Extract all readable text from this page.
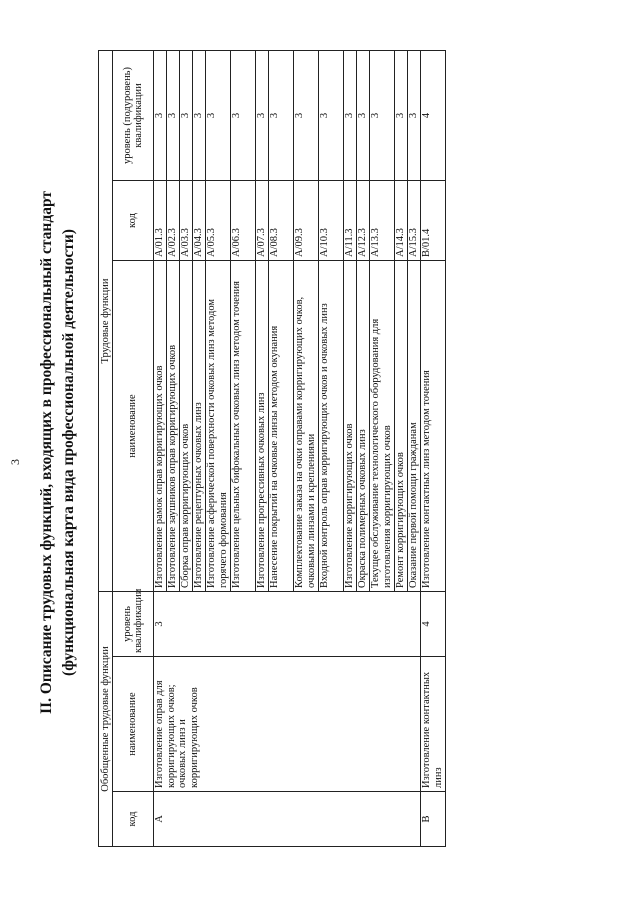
3 II. Описание трудовых функций, входящих в профессиональный стандарт (функциональная карта вида профессиональной деятельности)
Обобщенные трудовые функции			Трудовые функции		
код	наименование	уровень квалификации	наименование	код	уровень (подуровень) квалификации
A	Изготовление оправ для корригирующих очков; очковых линз и корригирующих очков	3	Изготовление рамок оправ корригирующих очков	A/01.3	3
			Изготовление заушников оправ корригирующих очков	A/02.3	3
			Сборка оправ корригирующих очков	A/03.3	3
			Изготовление рецептурных очковых линз	A/04.3	3
			Изготовление асферической поверхности очковых линз методом горячего формования	A/05.3	3
			Изготовление цельных бифокальных очковых линз методом точения	A/06.3	3
			Изготовление прогрессивных очковых линз	A/07.3	3
			Нанесение покрытий на очковые линзы методом окунания	A/08.3	3
			Комплектование заказа на очки оправами корригирующих очков, очковыми линзами и креплениями	A/09.3	3
			Входной контроль оправ корригирующих очков и очковых линз	A/10.3	3
			Изготовление корригирующих очков	A/11.3	3
			Окраска полимерных очковых линз	A/12.3	3
			Текущее обслуживание технологического оборудования для изготовления корригирующих очков	A/13.3	3
			Ремонт корригирующих очков	A/14.3	3
			Оказание первой помощи гражданам	A/15.3	3
B	Изготовление контактных линз	4	Изготовление контактных линз методом точения	B/01.4	4
